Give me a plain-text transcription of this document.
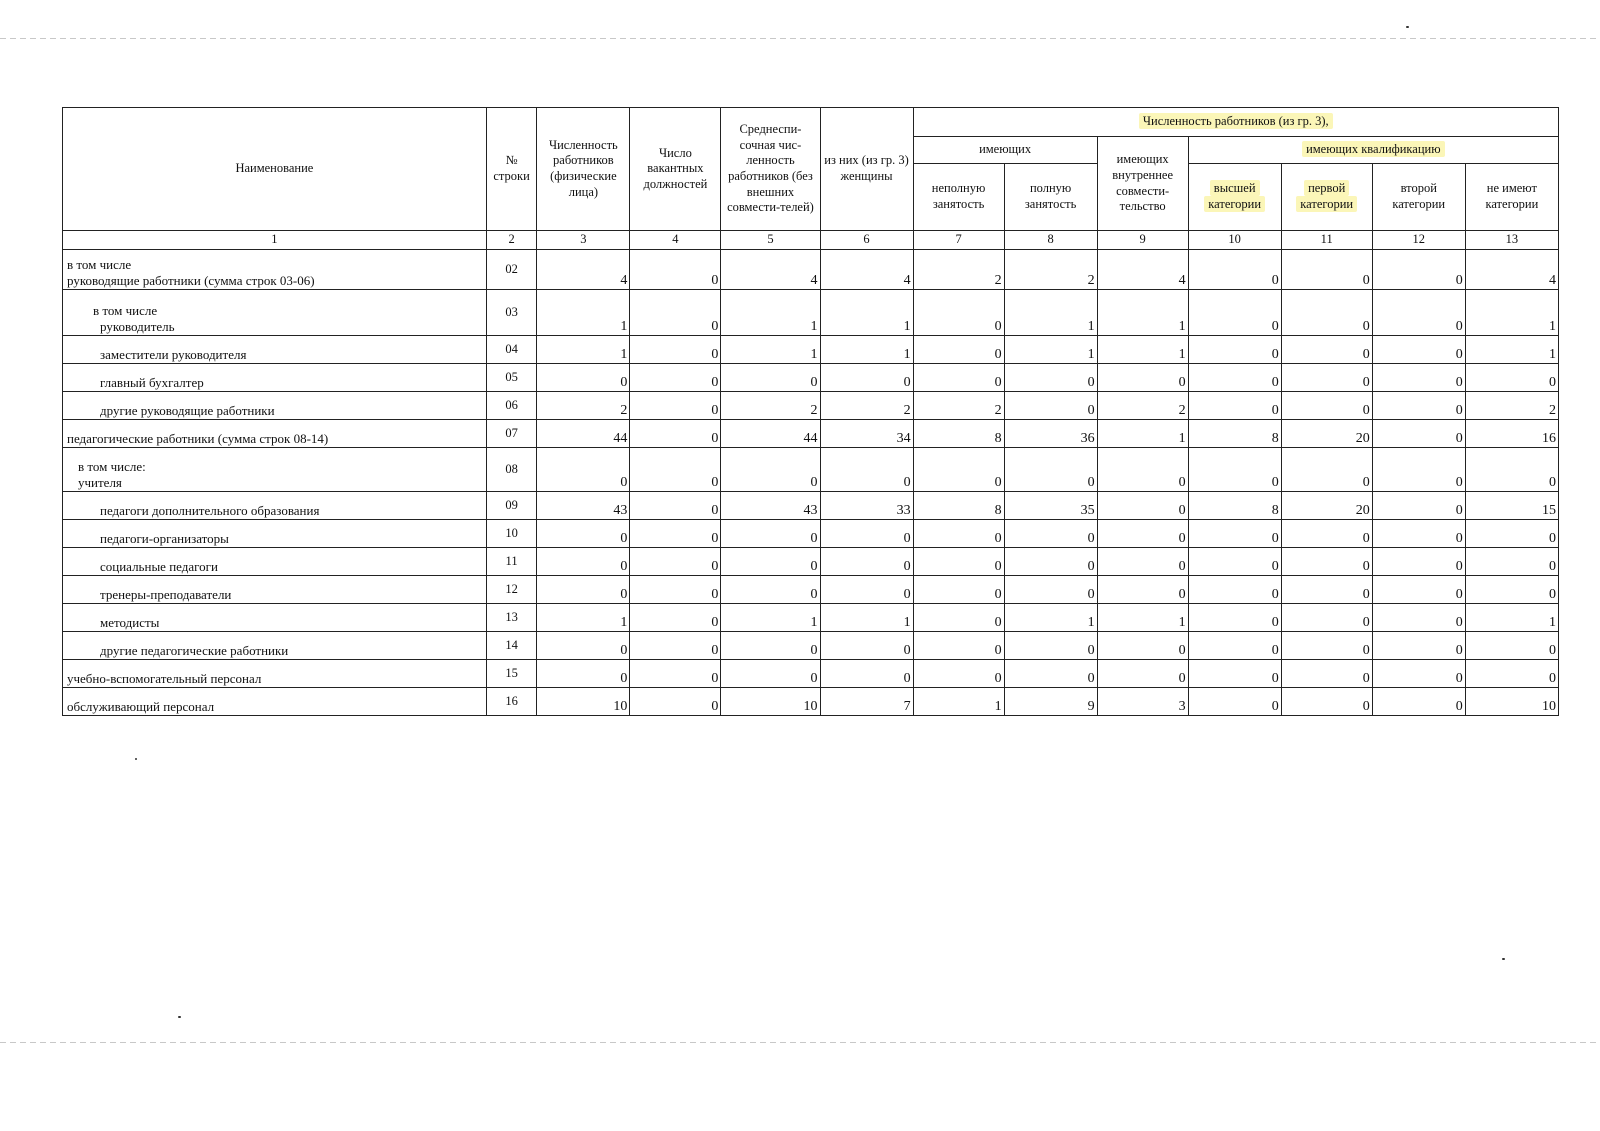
Наименование	№ строки	Численность работников (физические лица)	Число вакантных должностей	Среднеспи-сочная чис-ленность работников (без внешних совмести-телей)	из них (из гр. 3) женщины	Численность работников (из гр. 3),						
						имеющих		имеющих внутреннее совмести-тельство	имеющих квалификацию			
						неполную занятость	полную занятость		высшей категории	первой категории	второй категории	не имеют категории
1	2	3	4	5	6	7	8	9	10	11	12	13

в том числе
руководящие работники (сумма строк 03-06)	02	4	0	4	4	2	2	4	0	0	0	4

в том числе
руководитель	03	1	0	1	1	0	1	1	0	0	0	1

заместители руководителя	04	1	0	1	1	0	1	1	0	0	0	1

главный бухгалтер	05	0	0	0	0	0	0	0	0	0	0	0

другие руководящие работники	06	2	0	2	2	2	0	2	0	0	0	2

педагогические работники (сумма строк 08-14)	07	44	0	44	34	8	36	1	8	20	0	16

в том числе:
учителя	08	0	0	0	0	0	0	0	0	0	0	0

педагоги дополнительного образования	09	43	0	43	33	8	35	0	8	20	0	15

педагоги-организаторы	10	0	0	0	0	0	0	0	0	0	0	0

социальные педагоги	11	0	0	0	0	0	0	0	0	0	0	0

тренеры-преподаватели	12	0	0	0	0	0	0	0	0	0	0	0

методисты	13	1	0	1	1	0	1	1	0	0	0	1

другие педагогические работники	14	0	0	0	0	0	0	0	0	0	0	0

учебно-вспомогательный персонал	15	0	0	0	0	0	0	0	0	0	0	0

обслуживающий персонал	16	10	0	10	7	1	9	3	0	0	0	10
